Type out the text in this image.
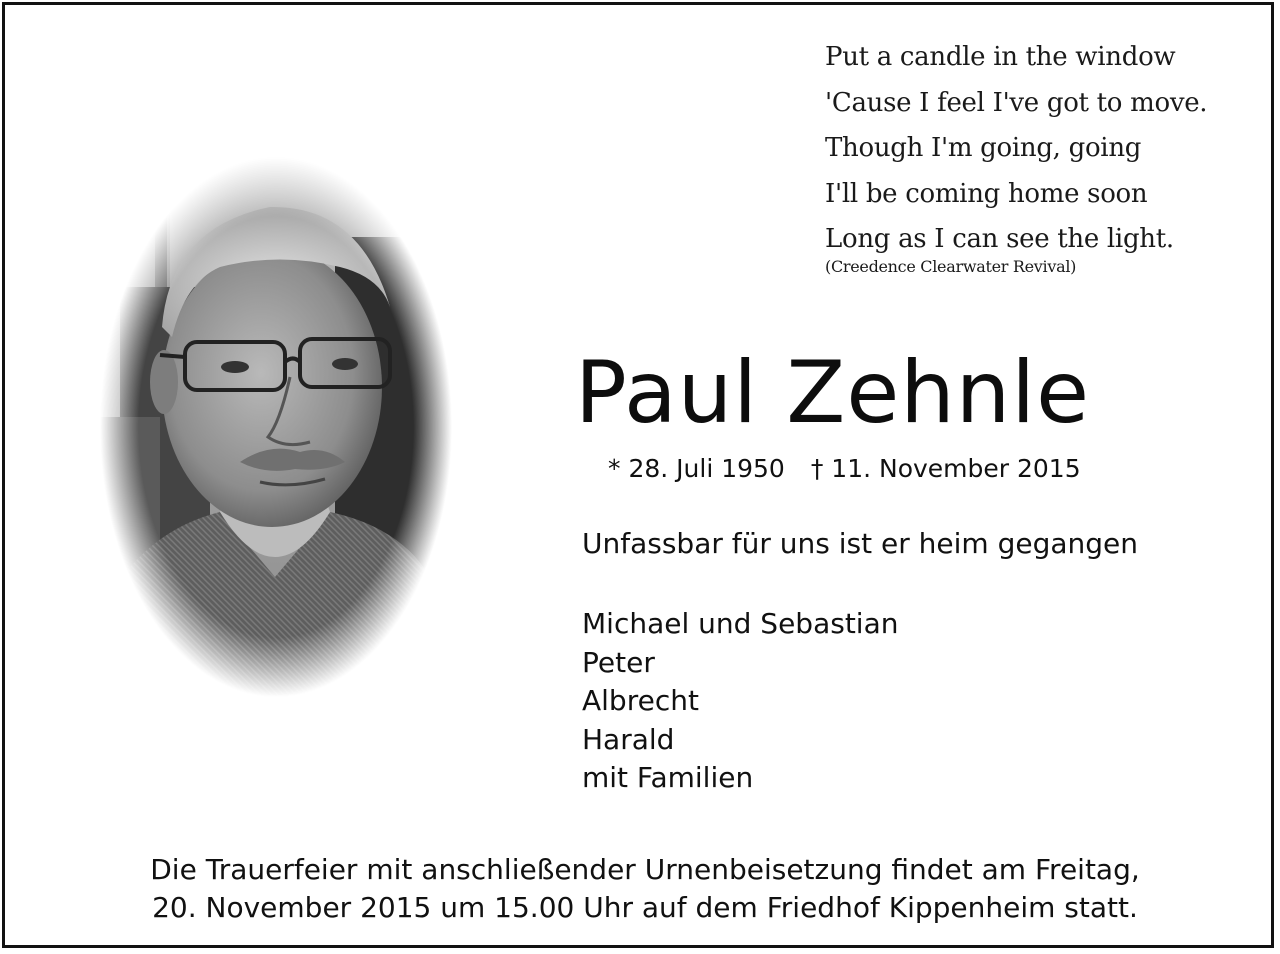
Put a candle in the window
'Cause I feel I've got to move.
Though I'm going, going
I'll be coming home soon
Long as I can see the light.
(Creedence Clearwater Revival)
Paul Zehnle
* 28. Juli 1950 † 11. November 2015
Unfassbar für uns ist er heim gegangen
Michael und Sebastian
Peter
Albrecht
Harald
mit Familien
Die Trauerfeier mit anschließender Urnenbeisetzung findet am Freitag,
20. November 2015 um 15.00 Uhr auf dem Friedhof Kippenheim statt.
